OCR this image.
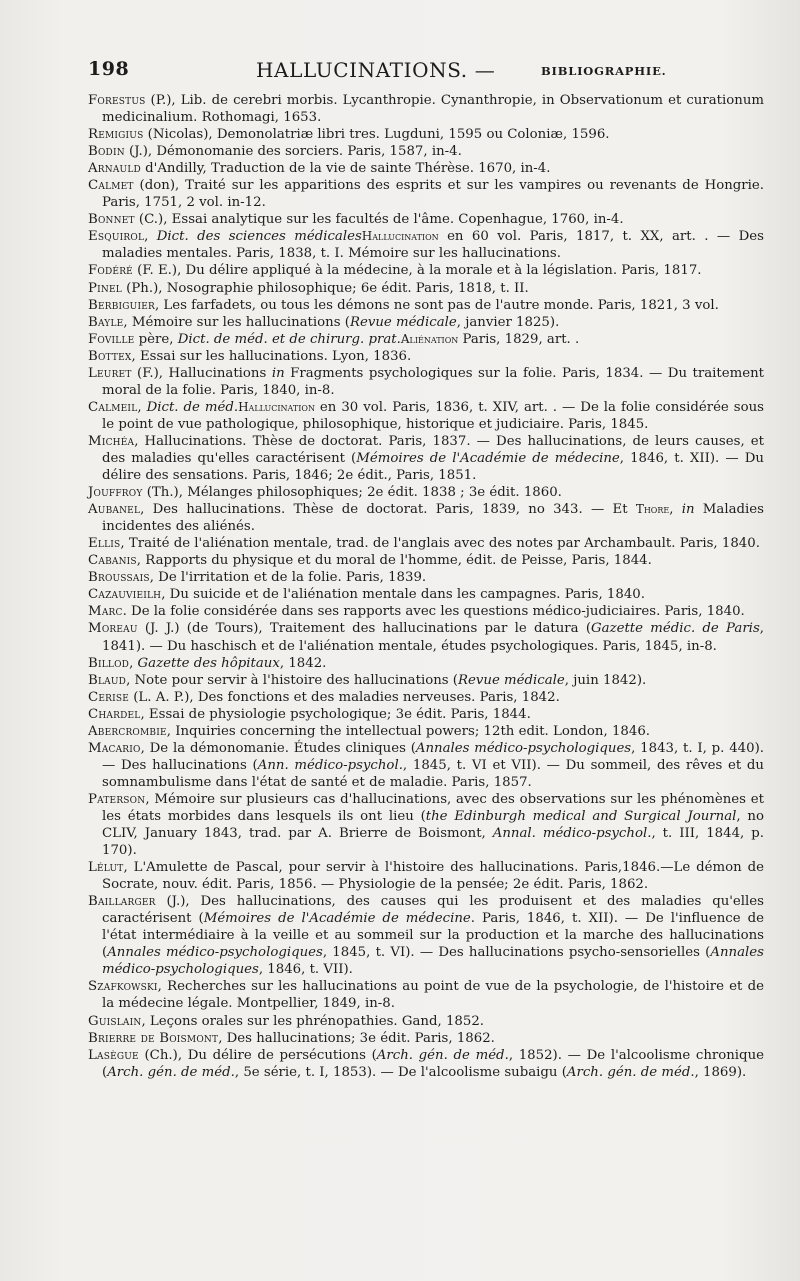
198	HALLUCINATIONS. —	BIBLIOGRAPHIE.

Forestus (P.), Lib. de cerebri morbis. Lycanthropie. Cynanthropie, in Observationum et curationum medicinalium. Rothomagi, 1653.

Remigius (Nicolas), Demonolatriæ libri tres. Lugduni, 1595 ou Coloniæ, 1596.

Bodin (J.), Démonomanie des sorciers. Paris, 1587, in-4.

Arnauld d'Andilly, Traduction de la vie de sainte Thérèse. 1670, in-4.

Calmet (don), Traité sur les apparitions des esprits et sur les vampires ou revenants de Hongrie. Paris, 1751, 2 vol. in-12.

Bonnet (C.), Essai analytique sur les facultés de l'âme. Copenhague, 1760, in-4.

Esquirol, Dict. des sciences médicalesHallucination en 60 vol. Paris, 1817, t. XX, art. . — Des maladies mentales. Paris, 1838, t. I. Mémoire sur les hallucinations.

Fodéré (F. E.), Du délire appliqué à la médecine, à la morale et à la législation. Paris, 1817.

Pinel (Ph.), Nosographie philosophique; 6e édit. Paris, 1818, t. II.

Berbiguier, Les farfadets, ou tous les démons ne sont pas de l'autre monde. Paris, 1821, 3 vol.

Bayle, Mémoire sur les hallucinations (Revue médicale, janvier 1825).

Foville père, Dict. de méd. et de chirurg. prat.Aliénation Paris, 1829, art. .

Bottex, Essai sur les hallucinations. Lyon, 1836.

Leuret (F.), Hallucinations in Fragments psychologiques sur la folie. Paris, 1834. — Du traitement moral de la folie. Paris, 1840, in-8.

Calmeil, Dict. de méd.Hallucination en 30 vol. Paris, 1836, t. XIV, art. . — De la folie considérée sous le point de vue pathologique, philosophique, historique et judiciaire. Paris, 1845.

Michéa, Hallucinations. Thèse de doctorat. Paris, 1837. — Des hallucinations, de leurs causes, et des maladies qu'elles caractérisent (Mémoires de l'Académie de médecine, 1846, t. XII). — Du délire des sensations. Paris, 1846; 2e édit., Paris, 1851.

Jouffroy (Th.), Mélanges philosophiques; 2e édit. 1838 ; 3e édit. 1860.

Aubanel, Des hallucinations. Thèse de doctorat. Paris, 1839, no 343. — Et Thore, in Maladies incidentes des aliénés.

Ellis, Traité de l'aliénation mentale, trad. de l'anglais avec des notes par Archambault. Paris, 1840.

Cabanis, Rapports du physique et du moral de l'homme, édit. de Peisse, Paris, 1844.

Broussais, De l'irritation et de la folie. Paris, 1839.

Cazauvieilh, Du suicide et de l'aliénation mentale dans les campagnes. Paris, 1840.

Marc. De la folie considérée dans ses rapports avec les questions médico-judiciaires. Paris, 1840.

Moreau (J. J.) (de Tours), Traitement des hallucinations par le datura (Gazette médic. de Paris, 1841). — Du haschisch et de l'aliénation mentale, études psychologiques. Paris, 1845, in-8.

Billod, Gazette des hôpitaux, 1842.

Blaud, Note pour servir à l'histoire des hallucinations (Revue médicale, juin 1842).

Cerise (L. A. P.), Des fonctions et des maladies nerveuses. Paris, 1842.

Chardel, Essai de physiologie psychologique; 3e édit. Paris, 1844.

Abercrombie, Inquiries concerning the intellectual powers; 12th edit. London, 1846.

Macario, De la démonomanie. Études cliniques (Annales médico-psychologiques, 1843, t. I, p. 440). — Des hallucinations (Ann. médico-psychol., 1845, t. VI et VII). — Du sommeil, des rêves et du somnambulisme dans l'état de santé et de maladie. Paris, 1857.

Paterson, Mémoire sur plusieurs cas d'hallucinations, avec des observations sur les phénomènes et les états morbides dans lesquels ils ont lieu (the Edinburgh medical and Surgical Journal, no CLIV, January 1843, trad. par A. Brierre de Boismont, Annal. médico-psychol., t. III, 1844, p. 170).

Lélut, L'Amulette de Pascal, pour servir à l'histoire des hallucinations. Paris,1846.—Le démon de Socrate, nouv. édit. Paris, 1856. — Physiologie de la pensée; 2e édit. Paris, 1862.

Baillarger (J.), Des hallucinations, des causes qui les produisent et des maladies qu'elles caractérisent (Mémoires de l'Académie de médecine. Paris, 1846, t. XII). — De l'influence de l'état intermédiaire à la veille et au sommeil sur la production et la marche des hallucinations (Annales médico-psychologiques, 1845, t. VI). — Des hallucinations psycho-sensorielles (Annales médico-psychologiques, 1846, t. VII).

Szafkowski, Recherches sur les hallucinations au point de vue de la psychologie, de l'histoire et de la médecine légale. Montpellier, 1849, in-8.

Guislain, Leçons orales sur les phrénopathies. Gand, 1852.

Brierre de Boismont, Des hallucinations; 3e édit. Paris, 1862.

Lasègue (Ch.), Du délire de persécutions (Arch. gén. de méd., 1852). — De l'alcoolisme chronique (Arch. gén. de méd., 5e série, t. I, 1853). — De l'alcoolisme subaigu (Arch. gén. de méd., 1869).
